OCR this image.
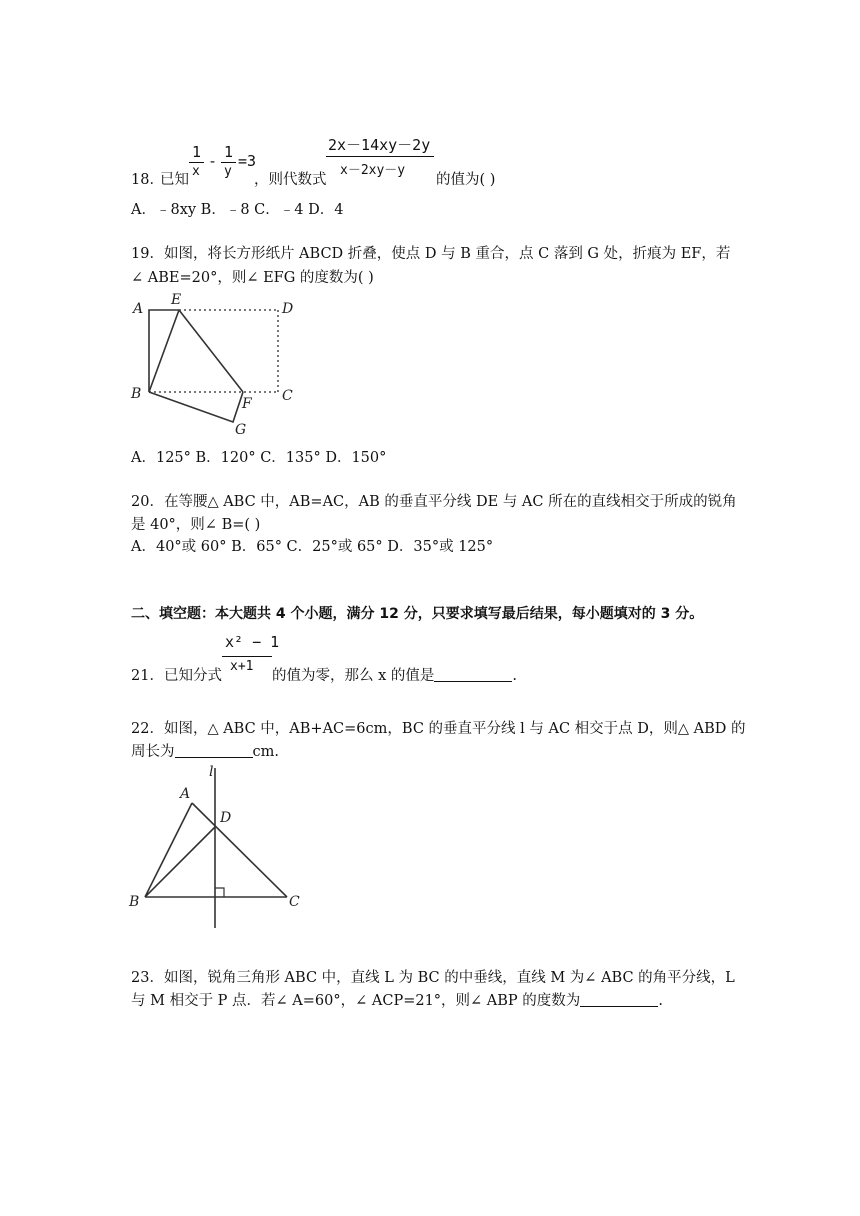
18．
已知
1
x
- 1
y
=3
，则代数式
2x－14xy－2y
x－2xy－y
的值为( )
A．﹣8xy B．﹣8 C．﹣4 D．4
19．如图，将长方形纸片 ABCD 折叠，使点 D 与 B 重合，点 C 落到 G 处，折痕为 EF，若
∠ ABE=20°，则∠ EFG 的度数为( )
A
E
D
B
F C
G
A．125° B．120° C．135° D．150°
20．在等腰△ ABC 中，AB=AC，AB 的垂直平分线 DE 与 AC 所在的直线相交于所成的锐角
是 40°，则∠ B=( )
A．40°或 60° B．65° C．25°或 65° D．35°或 125°
二、填空题：本大题共 4 个小题，满分 12 分，只要求填写最后结果，每小题填对的 3 分。
21．已知分式
x² − 1
x+1
的值为零，那么 x 的值是	.
22．如图，△ ABC 中，AB+AC=6cm，BC 的垂直平分线 l 与 AC 相交于点 D，则△ ABD 的
周长为	cm.
l
A
D
B	C
23．如图，锐角三角形 ABC 中，直线 L 为 BC 的中垂线，直线 M 为∠ ABC 的角平分线，L
与 M 相交于 P 点．若∠ A=60°，∠ ACP=21°，则∠ ABP 的度数为	.
